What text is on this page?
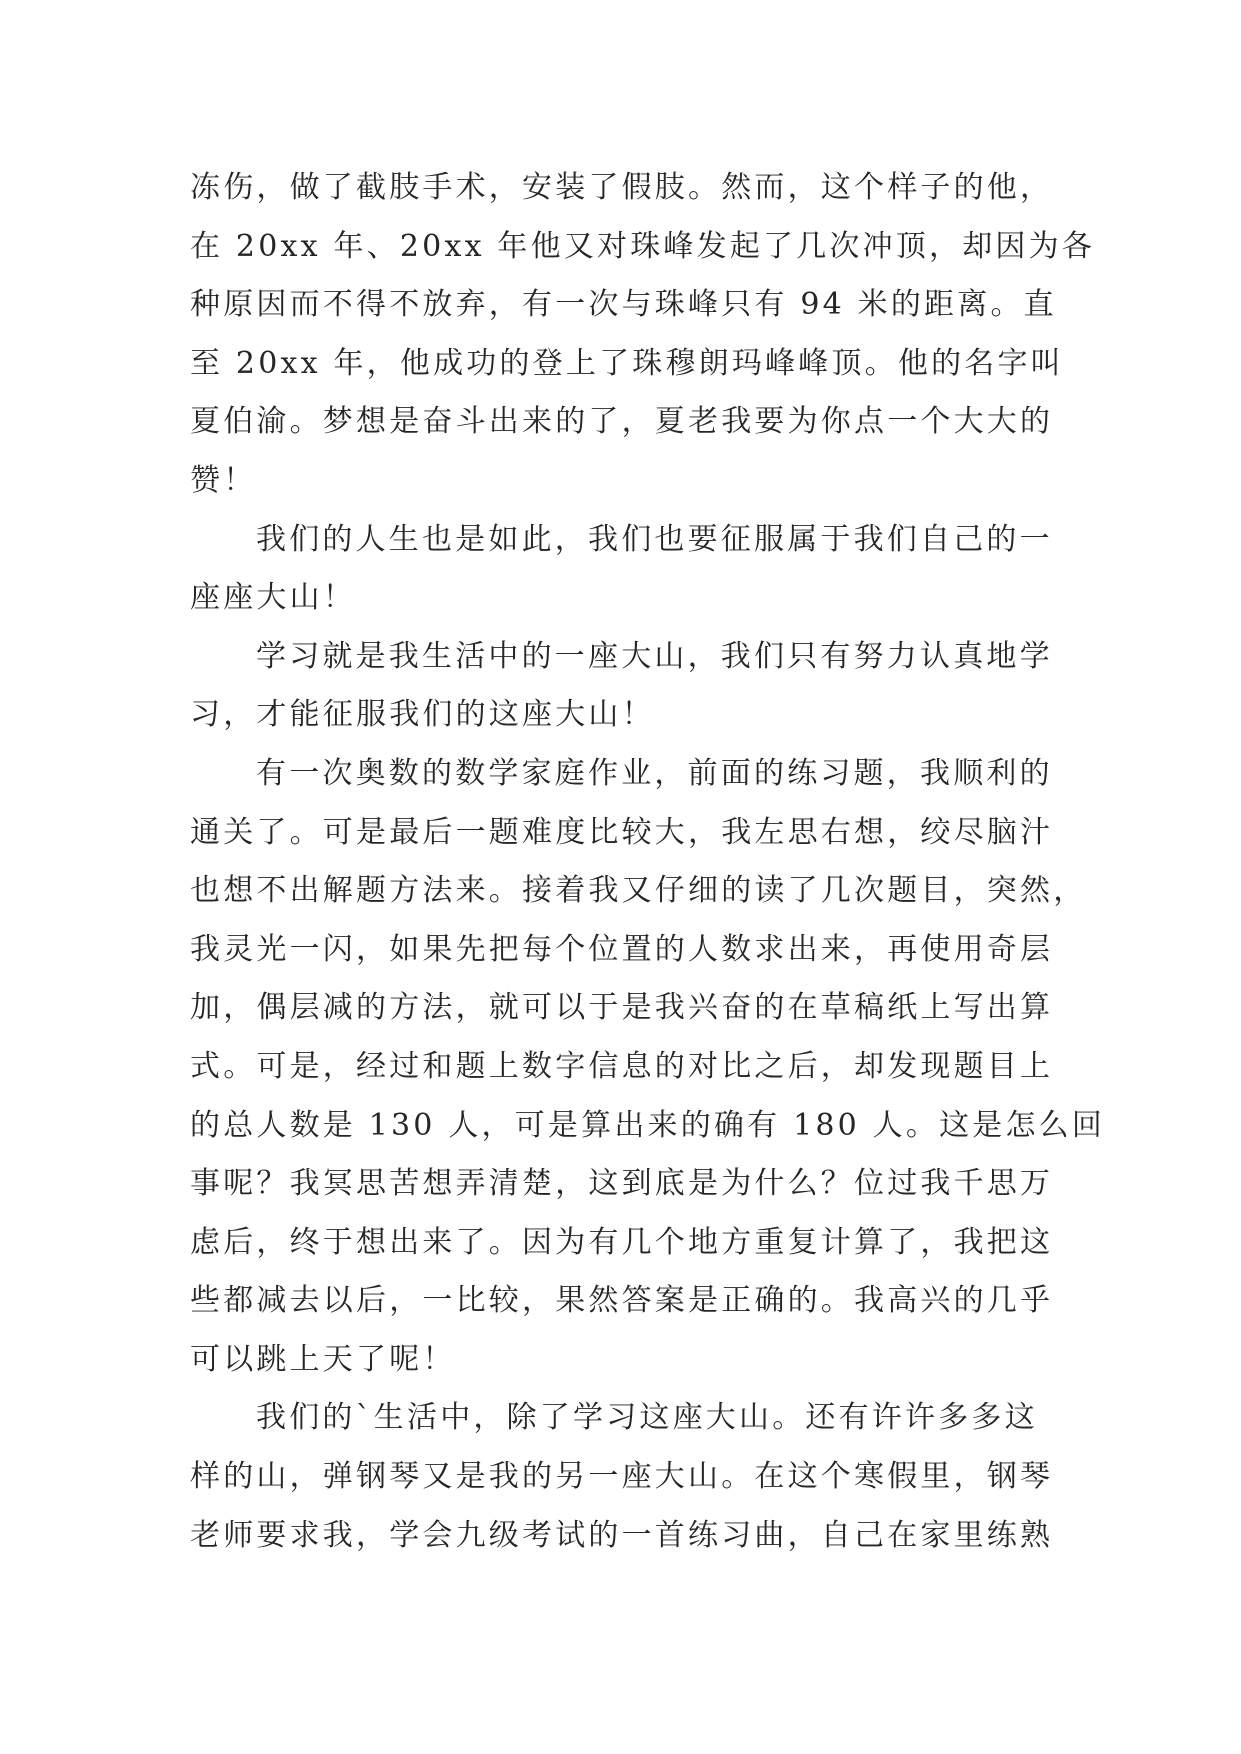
冻伤，做了截肢手术，安装了假肢。然而，这个样子的他，
在 20xx 年、20xx 年他又对珠峰发起了几次冲顶，却因为各
种原因而不得不放弃，有一次与珠峰只有 94 米的距离。直
至 20xx 年，他成功的登上了珠穆朗玛峰峰顶。他的名字叫
夏伯渝。梦想是奋斗出来的了，夏老我要为你点一个大大的
赞！
我们的人生也是如此，我们也要征服属于我们自己的一
座座大山！
学习就是我生活中的一座大山，我们只有努力认真地学
习，才能征服我们的这座大山！
有一次奥数的数学家庭作业，前面的练习题，我顺利的
通关了。可是最后一题难度比较大，我左思右想，绞尽脑汁
也想不出解题方法来。接着我又仔细的读了几次题目，突然，
我灵光一闪，如果先把每个位置的人数求出来，再使用奇层
加，偶层减的方法，就可以于是我兴奋的在草稿纸上写出算
式。可是，经过和题上数字信息的对比之后，却发现题目上
的总人数是 130 人，可是算出来的确有 180 人。这是怎么回
事呢？我冥思苦想弄清楚，这到底是为什么？位过我千思万
虑后，终于想出来了。因为有几个地方重复计算了，我把这
些都减去以后，一比较，果然答案是正确的。我高兴的几乎
可以跳上天了呢！
我们的`生活中，除了学习这座大山。还有许许多多这
样的山，弹钢琴又是我的另一座大山。在这个寒假里，钢琴
老师要求我，学会九级考试的一首练习曲，自己在家里练熟
